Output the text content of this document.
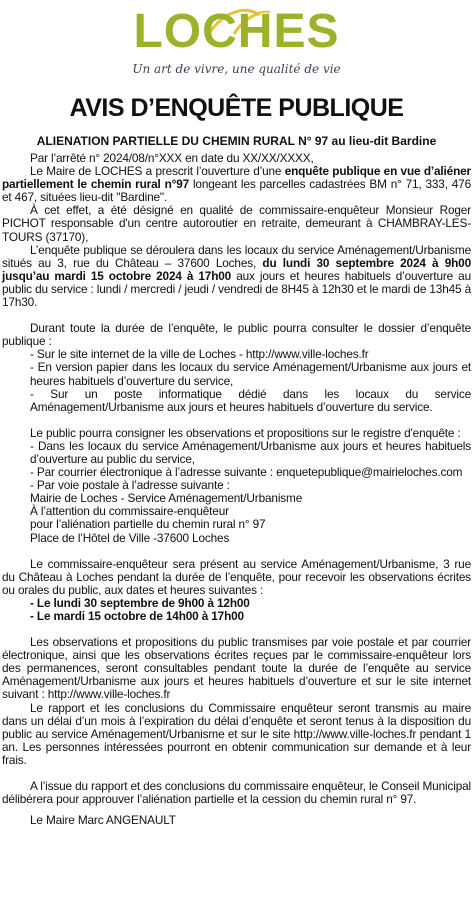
LOCHES
Un art de vivre, une qualité de vie
AVIS D’ENQUÊTE PUBLIQUE
ALIENATION PARTIELLE DU CHEMIN RURAL N° 97 au lieu-dit Bardine

Par l’arrêté n° 2024/08/n°XXX en date du XX/XX/XXXX,

Le Maire de LOCHES a prescrit l’ouverture d’une enquête publique en vue d’aliéner partiellement le chemin rural n°97 longeant les parcelles cadastrées BM n° 71, 333, 476 et 467, situées lieu-dit "Bardine".

À cet effet, a été désigné en qualité de commissaire-enquêteur Monsieur Roger PICHOT responsable d'un centre autoroutier en retraite, demeurant à CHAMBRAY-LES-TOURS (37170),

L’enquête publique se déroulera dans les locaux du service Aménagement/Urbanisme situés au 3, rue du Château – 37600 Loches, du lundi 30 septembre 2024 à 9h00 jusqu’au mardi 15 octobre 2024 à 17h00 aux jours et heures habituels d’ouverture au public du service : lundi / mercredi / jeudi / vendredi de 8H45 à 12h30 et le mardi de 13h45 à 17h30.

Durant toute la durée de l’enquête, le public pourra consulter le dossier d’enquête publique :

- Sur le site internet de la ville de Loches - http://www.ville-loches.fr

- En version papier dans les locaux du service Aménagement/Urbanisme aux jours et heures habituels d’ouverture du service,

- Sur un poste informatique dédié dans les locaux du service Aménagement/Urbanisme aux jours et heures habituels d’ouverture du service.

Le public pourra consigner les observations et propositions sur le registre d'enquête :

- Dans les locaux du service Aménagement/Urbanisme aux jours et heures habituels d’ouverture au public du service,

- Par courrier électronique à l’adresse suivante : enquetepublique@mairieloches.com

- Par voie postale à l’adresse suivante :

Mairie de Loches - Service Aménagement/Urbanisme

À l’attention du commissaire-enquêteur

pour l’aliénation partielle du chemin rural n° 97

Place de l’Hôtel de Ville -37600 Loches

Le commissaire-enquêteur sera présent au service Aménagement/Urbanisme, 3 rue du Château à Loches pendant la durée de l’enquête, pour recevoir les observations écrites ou orales du public, aux dates et heures suivantes :

- Le lundi 30 septembre de 9h00 à 12h00

- Le mardi 15 octobre de 14h00 à 17h00

Les observations et propositions du public transmises par voie postale et par courrier électronique, ainsi que les observations écrites reçues par le commissaire-enquêteur lors des permanences, seront consultables pendant toute la durée de l’enquête au service Aménagement/Urbanisme aux jours et heures habituels d’ouverture et sur le site internet suivant : http://www.ville-loches.fr

Le rapport et les conclusions du Commissaire enquêteur seront transmis au maire dans un délai d’un mois à l’expiration du délai d’enquête et seront tenus à la disposition du public au service Aménagement/Urbanisme et sur le site http://www.ville-loches.fr pendant 1 an. Les personnes intéressées pourront en obtenir communication sur demande et à leur frais.

A l’issue du rapport et des conclusions du commissaire enquêteur, le Conseil Municipal délibérera pour approuver l’aliénation partielle et la cession du chemin rural n° 97.

Le Maire Marc ANGENAULT
